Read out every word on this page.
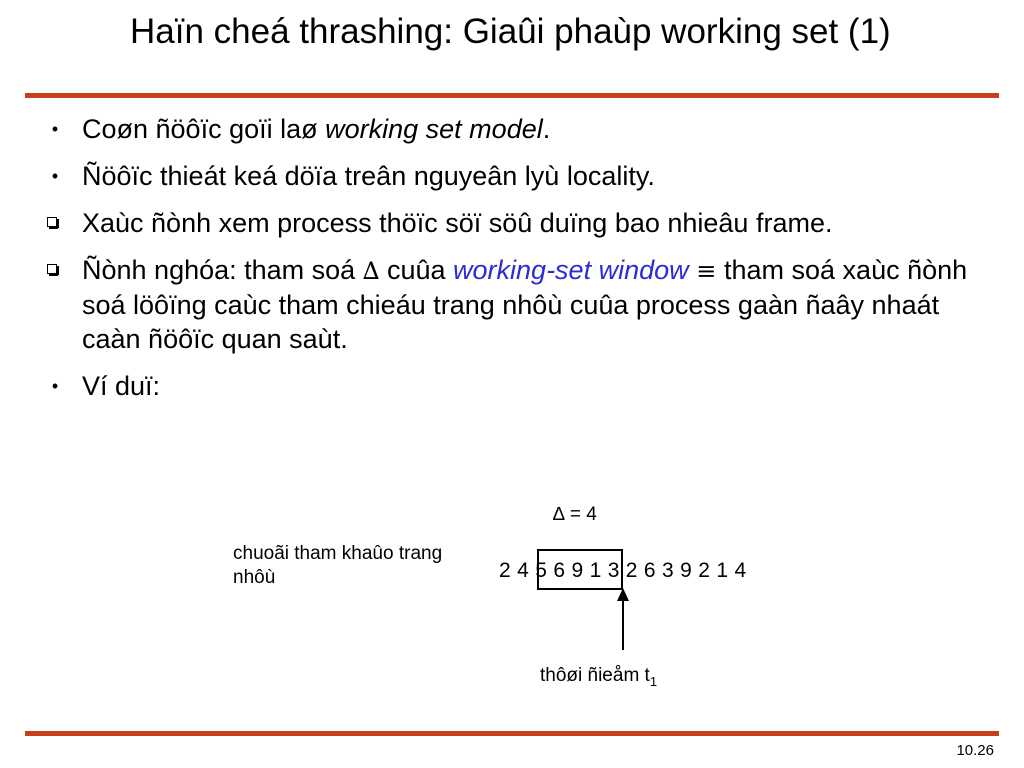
Haïn cheá thrashing: Giaûi phaùp working set (1)
• Coøn ñöôïc goïi laø working set model.
• Ñöôïc thieát keá döïa treân nguyeân lyù locality.
Xaùc ñònh xem process thöïc söï söû duïng bao nhieâu frame.
Ñònh nghóa: tham soá ∆ cuûa working-set window ≡ tham soá xaùc ñònh soá löôïng caùc tham chieáu trang nhôù cuûa process gaàn ñaây nhaát caàn ñöôïc quan saùt.
• Ví duï:
∆ = 4
chuoãi tham khaûo trang nhôù	2 4 5 6 9 1 3 2 6 3 9 2 1 4
thôøi ñieåm $t_1$
10.26
